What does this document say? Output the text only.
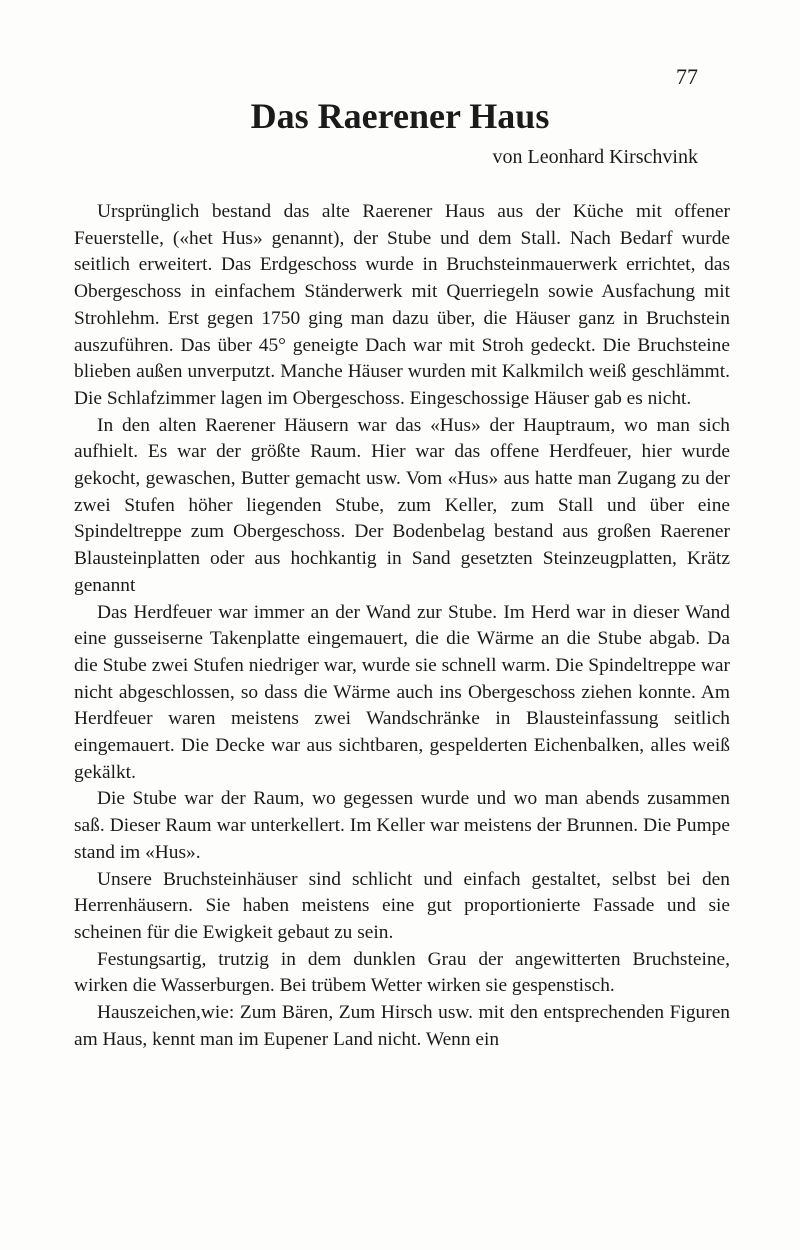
77
Das Raerener Haus
von Leonhard Kirschvink

Ursprünglich bestand das alte Raerener Haus aus der Küche mit offener Feuerstelle, («het Hus» genannt), der Stube und dem Stall. Nach Bedarf wurde seitlich erweitert. Das Erdgeschoss wurde in Bruchsteinmauerwerk errichtet, das Obergeschoss in einfachem Ständerwerk mit Querriegeln sowie Ausfachung mit Strohlehm. Erst gegen 1750 ging man dazu über, die Häuser ganz in Bruchstein auszuführen. Das über 45° geneigte Dach war mit Stroh gedeckt. Die Bruchsteine blieben außen unverputzt. Manche Häuser wurden mit Kalkmilch weiß geschlämmt. Die Schlafzimmer lagen im Obergeschoss. Eingeschossige Häuser gab es nicht.

In den alten Raerener Häusern war das «Hus» der Hauptraum, wo man sich aufhielt. Es war der größte Raum. Hier war das offene Herdfeuer, hier wurde gekocht, gewaschen, Butter gemacht usw. Vom «Hus» aus hatte man Zugang zu der zwei Stufen höher liegenden Stube, zum Keller, zum Stall und über eine Spindeltreppe zum Obergeschoss. Der Bodenbelag bestand aus großen Raerener Blausteinplatten oder aus hochkantig in Sand gesetzten Steinzeugplatten, Krätz genannt

Das Herdfeuer war immer an der Wand zur Stube. Im Herd war in dieser Wand eine gusseiserne Takenplatte eingemauert, die die Wärme an die Stube abgab. Da die Stube zwei Stufen niedriger war, wurde sie schnell warm. Die Spindeltreppe war nicht abgeschlossen, so dass die Wärme auch ins Obergeschoss ziehen konnte. Am Herdfeuer waren meistens zwei Wandschränke in Blausteinfassung seitlich eingemauert. Die Decke war aus sichtbaren, gespelderten Eichenbalken, alles weiß gekälkt.

Die Stube war der Raum, wo gegessen wurde und wo man abends zusammen saß. Dieser Raum war unterkellert. Im Keller war meistens der Brunnen. Die Pumpe stand im «Hus».

Unsere Bruchsteinhäuser sind schlicht und einfach gestaltet, selbst bei den Herrenhäusern. Sie haben meistens eine gut proportionierte Fassade und sie scheinen für die Ewigkeit gebaut zu sein.

Festungsartig, trutzig in dem dunklen Grau der angewitterten Bruchsteine, wirken die Wasserburgen. Bei trübem Wetter wirken sie gespenstisch.

Hauszeichen,wie: Zum Bären, Zum Hirsch usw. mit den entsprechenden Figuren am Haus, kennt man im Eupener Land nicht. Wenn ein
